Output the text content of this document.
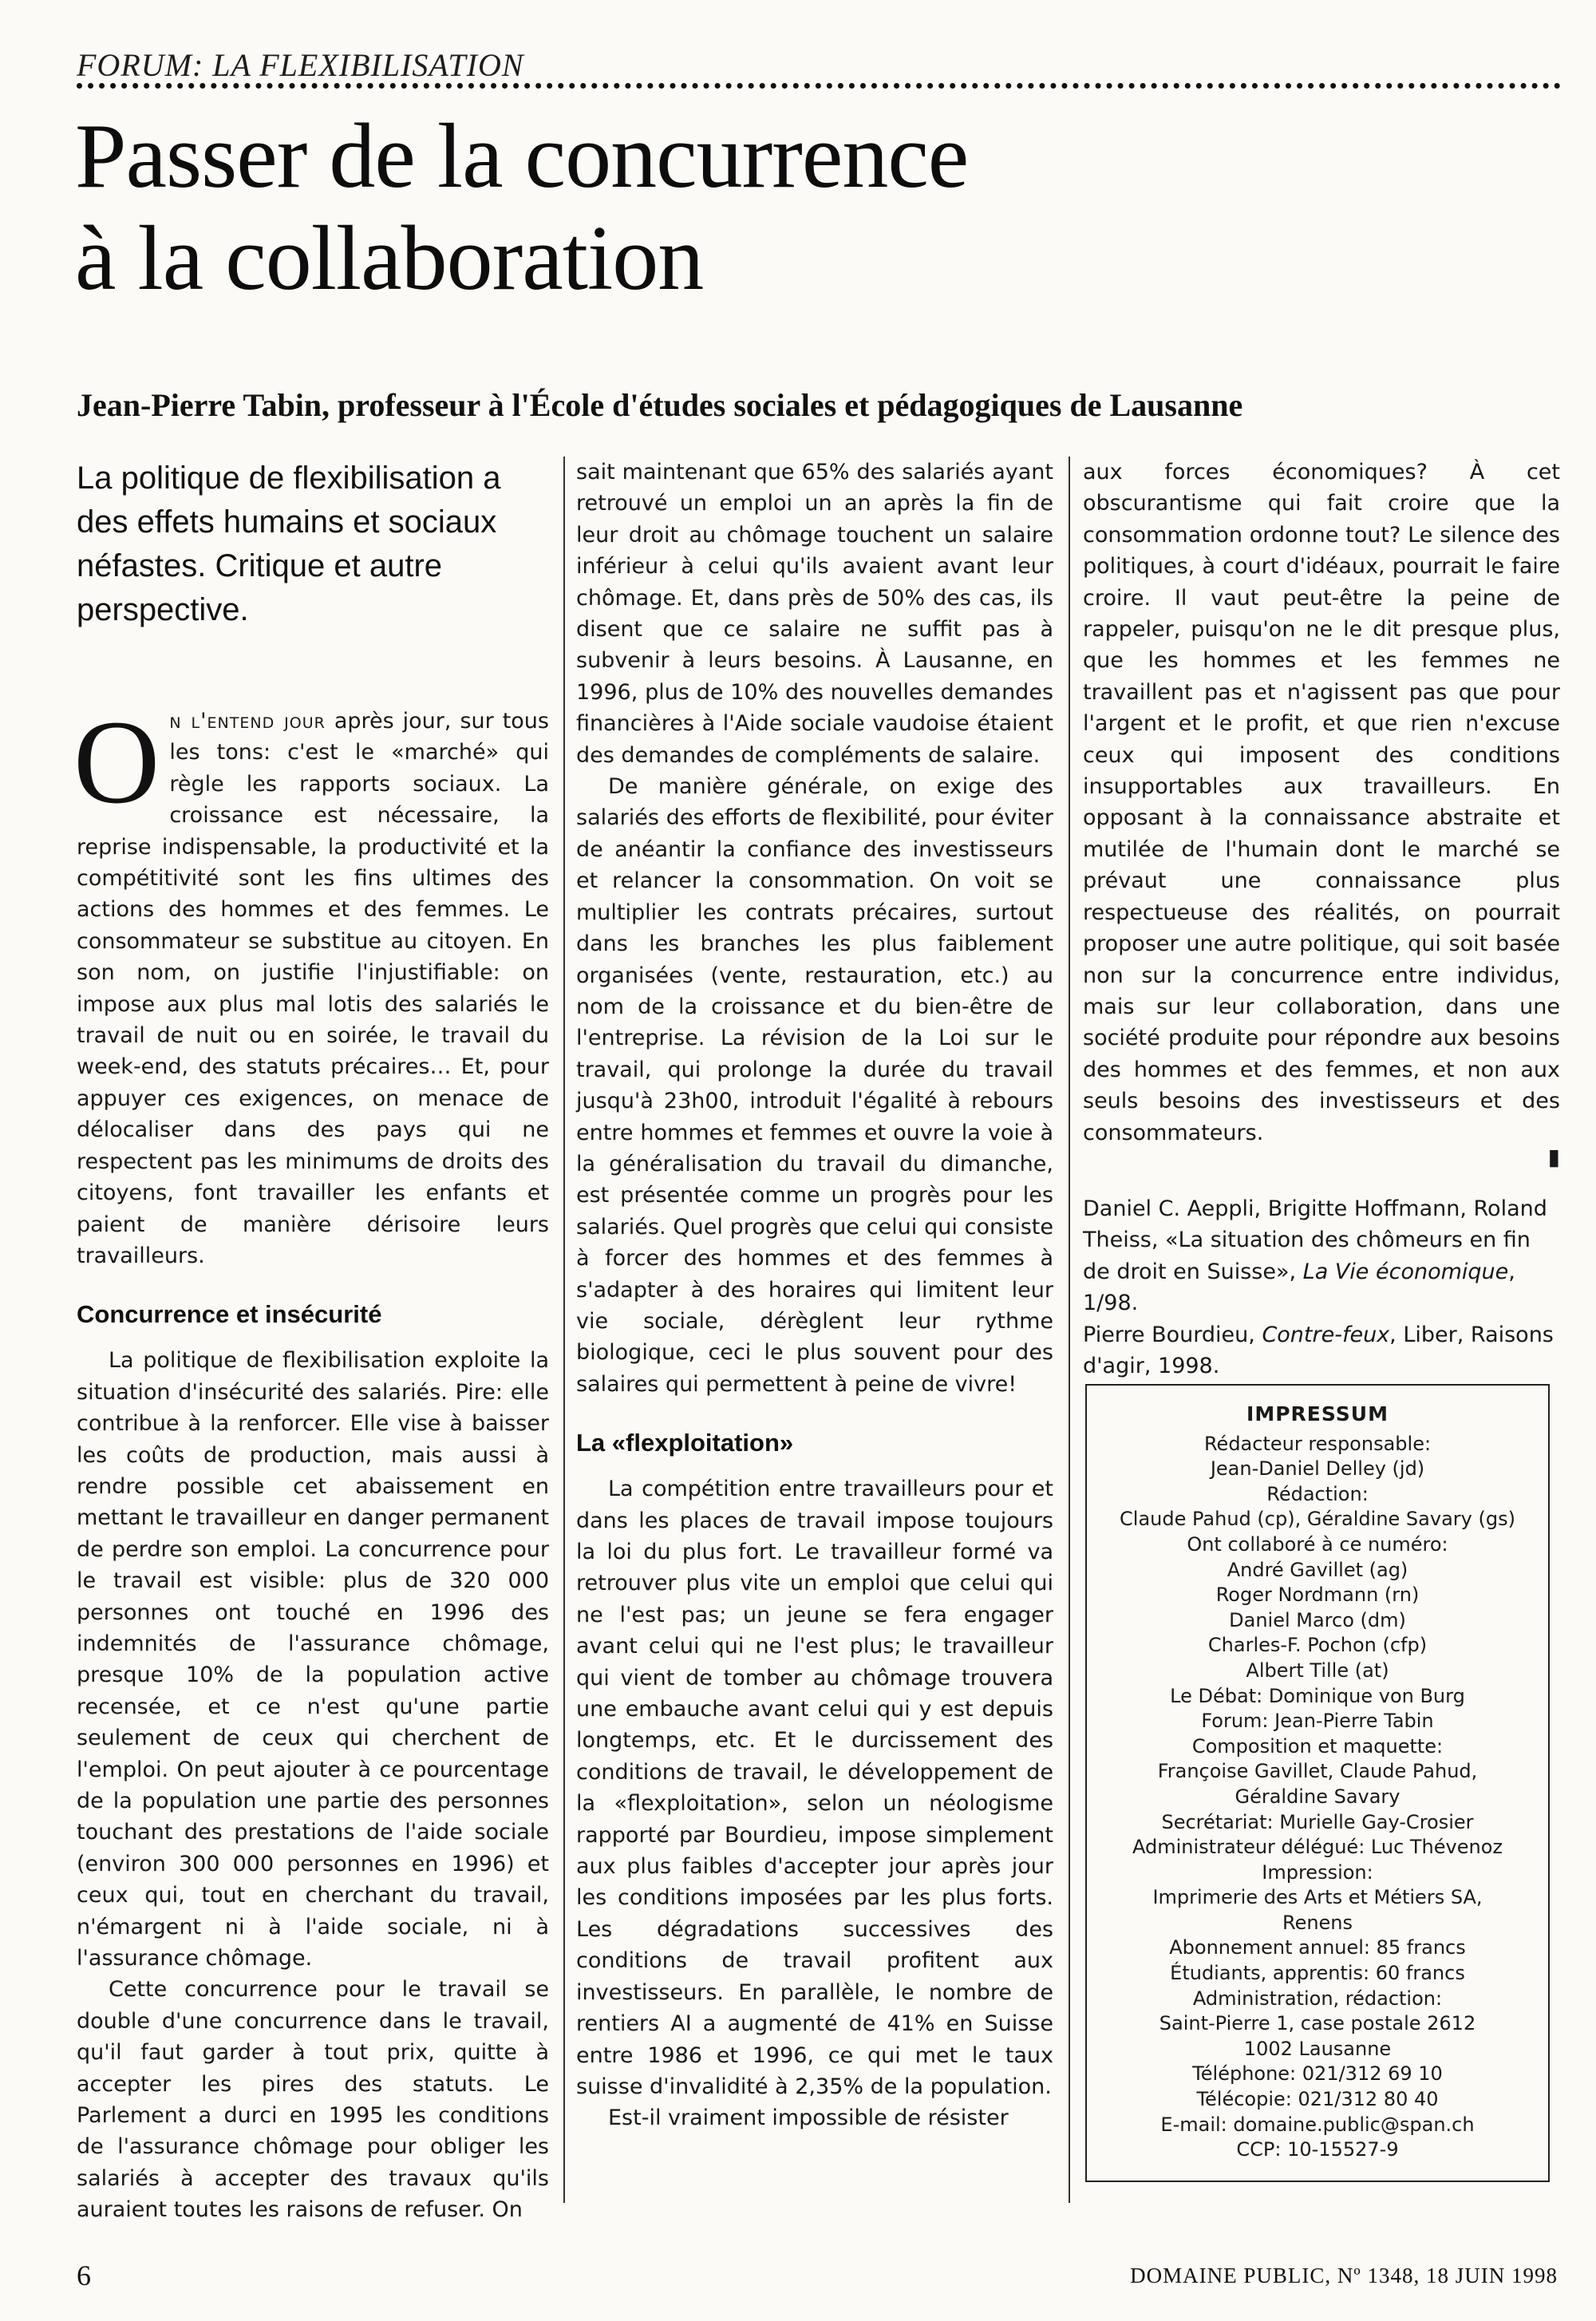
FORUM: LA FLEXIBILISATION
Passer de la concurrence
à la collaboration
Jean-Pierre Tabin, professeur à l'École d'études sociales et pédagogiques de Lausanne
La politique de flexibilisation a des effets humains et sociaux néfastes. Critique et autre perspective.

On l'entend jour après jour, sur tous les tons: c'est le «marché» qui règle les rapports sociaux. La croissance est nécessaire, la reprise indispensable, la productivité et la compétitivité sont les fins ultimes des actions des hommes et des femmes. Le consommateur se substitue au citoyen. En son nom, on justifie l'injustifiable: on impose aux plus mal lotis des salariés le travail de nuit ou en soirée, le travail du week-end, des statuts précaires… Et, pour appuyer ces exigences, on menace de délocaliser dans des pays qui ne respectent pas les minimums de droits des citoyens, font travailler les enfants et paient de manière dérisoire leurs travailleurs.

Concurrence et insécurité

La politique de flexibilisation exploite la situation d'insécurité des salariés. Pire: elle contribue à la renforcer. Elle vise à baisser les coûts de production, mais aussi à rendre possible cet abaissement en mettant le travailleur en danger permanent de perdre son emploi. La concurrence pour le travail est visible: plus de 320 000 personnes ont touché en 1996 des indemnités de l'assurance chômage, presque 10% de la population active recensée, et ce n'est qu'une partie seulement de ceux qui cherchent de l'emploi. On peut ajouter à ce pourcentage de la population une partie des personnes touchant des prestations de l'aide sociale (environ 300 000 personnes en 1996) et ceux qui, tout en cherchant du travail, n'émargent ni à l'aide sociale, ni à l'assurance chômage.

Cette concurrence pour le travail se double d'une concurrence dans le travail, qu'il faut garder à tout prix, quitte à accepter les pires des statuts. Le Parlement a durci en 1995 les conditions de l'assurance chômage pour obliger les salariés à accepter des travaux qu'ils auraient toutes les raisons de refuser. On

sait maintenant que 65% des salariés ayant retrouvé un emploi un an après la fin de leur droit au chômage touchent un salaire inférieur à celui qu'ils avaient avant leur chômage. Et, dans près de 50% des cas, ils disent que ce salaire ne suffit pas à subvenir à leurs besoins. À Lausanne, en 1996, plus de 10% des nouvelles demandes financières à l'Aide sociale vaudoise étaient des demandes de compléments de salaire.

De manière générale, on exige des salariés des efforts de flexibilité, pour éviter de anéantir la confiance des investisseurs et relancer la consommation. On voit se multiplier les contrats précaires, surtout dans les branches les plus faiblement organisées (vente, restauration, etc.) au nom de la croissance et du bien-être de l'entreprise. La révision de la Loi sur le travail, qui prolonge la durée du travail jusqu'à 23h00, introduit l'égalité à rebours entre hommes et femmes et ouvre la voie à la généralisation du travail du dimanche, est présentée comme un progrès pour les salariés. Quel progrès que celui qui consiste à forcer des hommes et des femmes à s'adapter à des horaires qui limitent leur vie sociale, dérèglent leur rythme biologique, ceci le plus souvent pour des salaires qui permettent à peine de vivre!

La «flexploitation»

La compétition entre travailleurs pour et dans les places de travail impose toujours la loi du plus fort. Le travailleur formé va retrouver plus vite un emploi que celui qui ne l'est pas; un jeune se fera engager avant celui qui ne l'est plus; le travailleur qui vient de tomber au chômage trouvera une embauche avant celui qui y est depuis longtemps, etc. Et le durcissement des conditions de travail, le développement de la «flexploitation», selon un néologisme rapporté par Bourdieu, impose simplement aux plus faibles d'accepter jour après jour les conditions imposées par les plus forts. Les dégradations successives des conditions de travail profitent aux investisseurs. En parallèle, le nombre de rentiers AI a augmenté de 41% en Suisse entre 1986 et 1996, ce qui met le taux suisse d'invalidité à 2,35% de la population.

Est-il vraiment impossible de résister

aux forces économiques? À cet obscurantisme qui fait croire que la consommation ordonne tout? Le silence des politiques, à court d'idéaux, pourrait le faire croire. Il vaut peut-être la peine de rappeler, puisqu'on ne le dit presque plus, que les hommes et les femmes ne travaillent pas et n'agissent pas que pour l'argent et le profit, et que rien n'excuse ceux qui imposent des conditions insupportables aux travailleurs. En opposant à la connaissance abstraite et mutilée de l'humain dont le marché se prévaut une connaissance plus respectueuse des réalités, on pourrait proposer une autre politique, qui soit basée non sur la concurrence entre individus, mais sur leur collaboration, dans une société produite pour répondre aux besoins des hommes et des femmes, et non aux seuls besoins des investisseurs et des consommateurs.

▮

Daniel C. Aeppli, Brigitte Hoffmann, Roland Theiss, «La situation des chômeurs en fin de droit en Suisse», La Vie économique, 1/98.

Pierre Bourdieu, Contre-feux, Liber, Raisons d'agir, 1998.

IMPRESSUM
Rédacteur responsable:
Jean-Daniel Delley (jd)
Rédaction:
Claude Pahud (cp), Géraldine Savary (gs)
Ont collaboré à ce numéro:
André Gavillet (ag)
Roger Nordmann (rn)
Daniel Marco (dm)
Charles-F. Pochon (cfp)
Albert Tille (at)
Le Débat: Dominique von Burg
Forum: Jean-Pierre Tabin
Composition et maquette:
Françoise Gavillet, Claude Pahud,
Géraldine Savary
Secrétariat: Murielle Gay-Crosier
Administrateur délégué: Luc Thévenoz
Impression:
Imprimerie des Arts et Métiers SA,
Renens
Abonnement annuel: 85 francs
Étudiants, apprentis: 60 francs
Administration, rédaction:
Saint-Pierre 1, case postale 2612
1002 Lausanne
Téléphone: 021/312 69 10
Télécopie: 021/312 80 40
E-mail: domaine.public@span.ch
CCP: 10-15527-9
6	DOMAINE PUBLIC, Nº 1348, 18 JUIN 1998
